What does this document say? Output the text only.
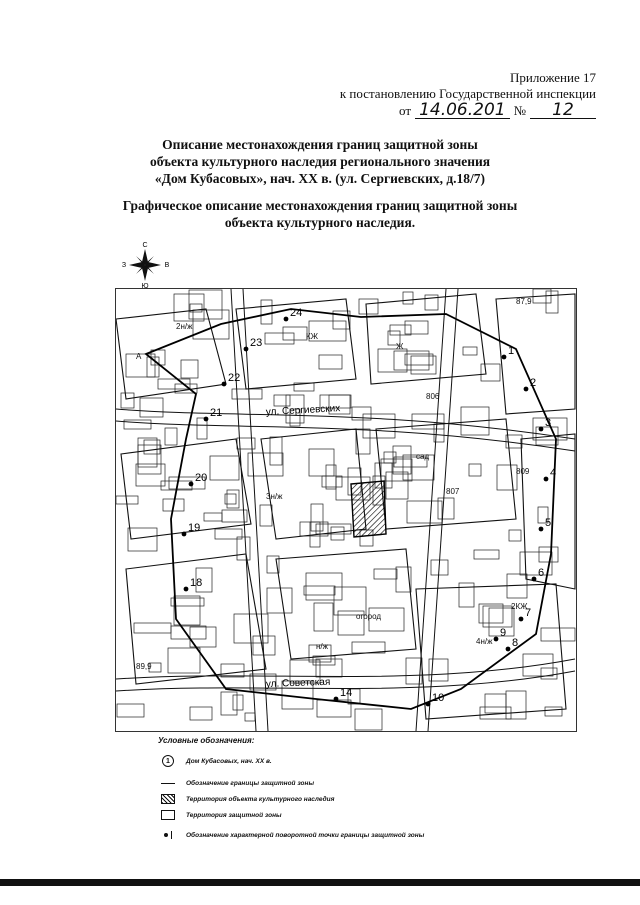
Приложение 17
к постановлению Государственной инспекции
от 14.06.201 №	12
Описание местонахождения границ защитной зоны
объекта культурного наследия регионального значения
«Дом Кубасовых», нач. XX в. (ул. Сергиевских, д.18/7)
Графическое описание местонахождения границ защитной зоны
объекта культурного наследия.
С
Ю
З	В
1
2
3
4
5
6
7
8
9
10
14
18
19
20
21
22
23
24
ул. Сергиевских
ул. Советская
809
807
806
2КЖ
КЖ
огород
сад
2н/ж
3н/ж
4н/ж
н/ж
Ж
А
89,9
87,9
Условные обозначения:
1	Дом Кубасовых, нач. XX в.
Обозначение границы защитной зоны
Территория объекта культурного наследия
Территория защитной зоны
Обозначение характерной поворотной точки границы защитной зоны
